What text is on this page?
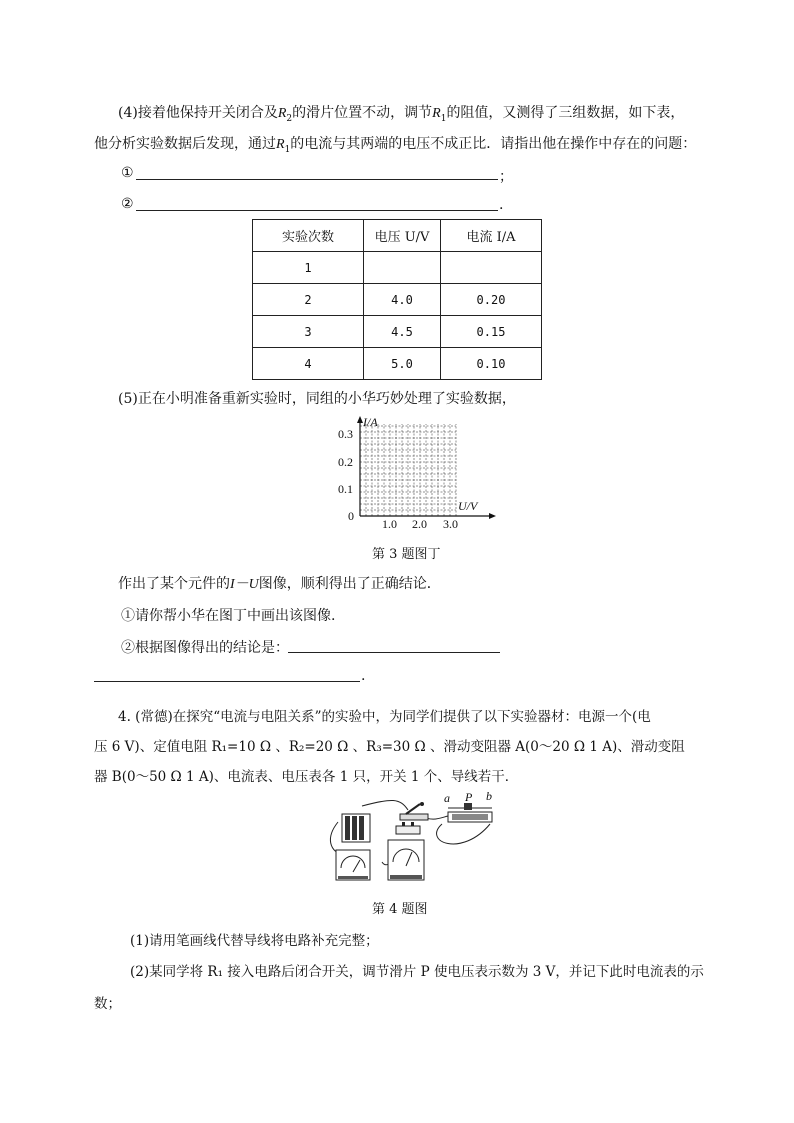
(4)接着他保持开关闭合及$R_2$的滑片位置不动，调节$R_1$的阻值，又测得了三组数据，如下表，
他分析实验数据后发现，通过$R_1$的电流与其两端的电压不成正比．请指出他在操作中存在的问题：
①	；
②	.
实验次数	电压 U/V	电流 I/A
1		
2	4.0	0.20
3	4.5	0.15
4	5.0	0.10
(5)正在小明准备重新实验时，同组的小华巧妙处理了实验数据，
I/A
U/V
0
0.3
0.2
0.1
1.0 2.0 3.0
第 3 题图丁
作出了某个元件的I－U图像，顺利得出了正确结论．
①请你帮小华在图丁中画出该图像.
②根据图像得出的结论是：
.
4. (常德)在探究“电流与电阻关系”的实验中，为同学们提供了以下实验器材：电源一个(电
压 6 V)、定值电阻 R₁=10 Ω 、R₂=20 Ω 、R₃=30 Ω 、滑动变阻器 A(0～20 Ω 1 A)、滑动变阻
器 B(0～50 Ω 1 A)、电流表、电压表各 1 只，开关 1 个、导线若干．
a P b
第 4 题图
(1)请用笔画线代替导线将电路补充完整；
(2)某同学将 R₁ 接入电路后闭合开关，调节滑片 P 使电压表示数为 3 V，并记下此时电流表的示
数；
